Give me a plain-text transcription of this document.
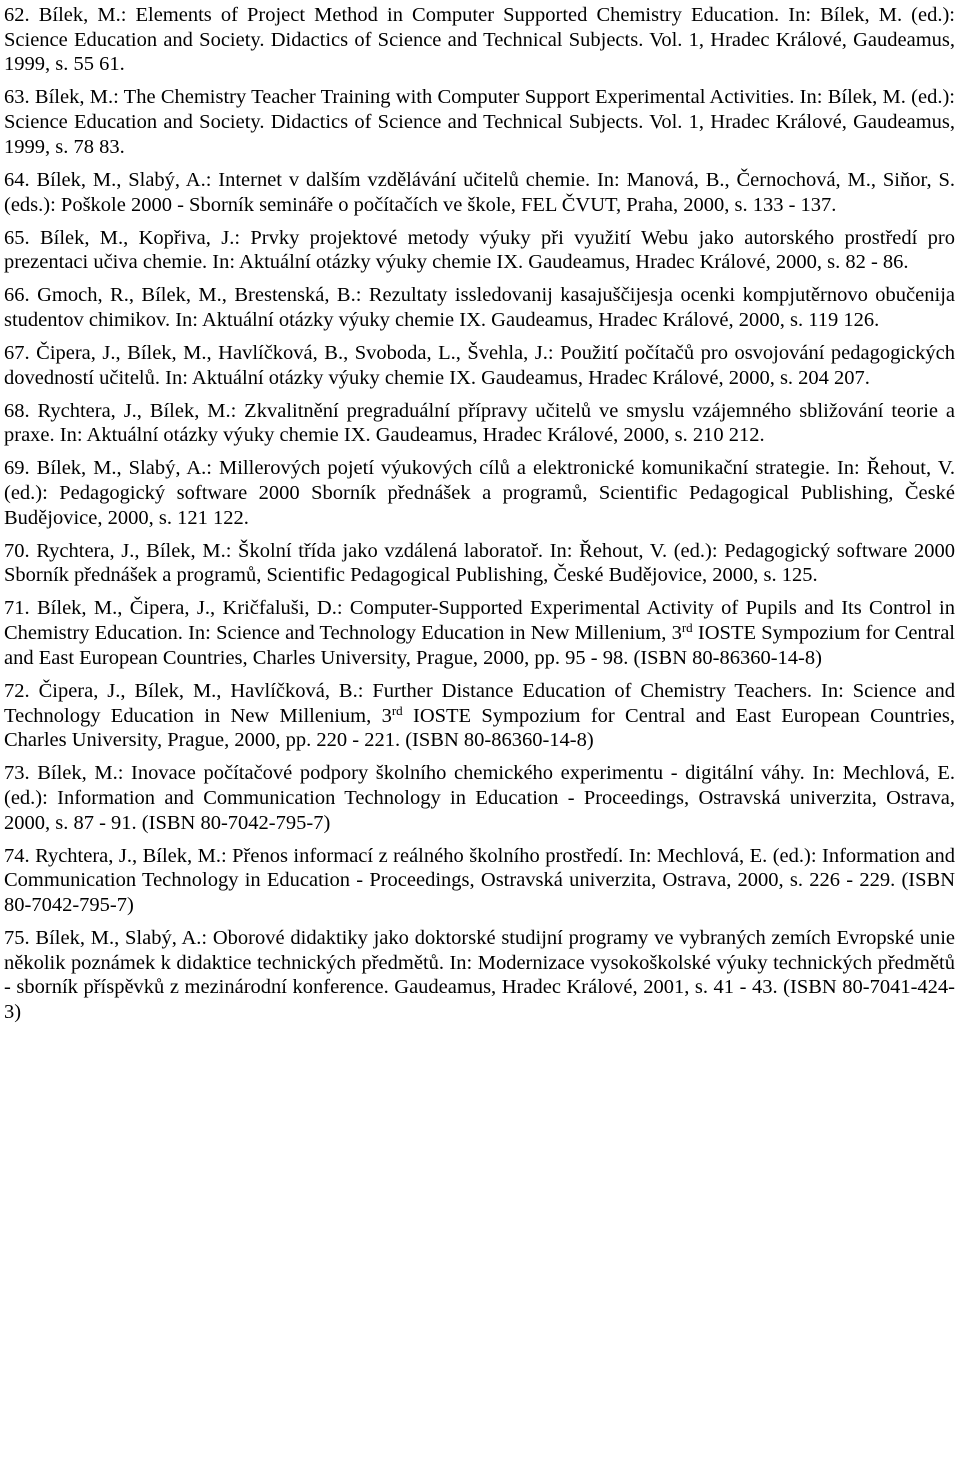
62. Bílek, M.: Elements of Project Method in Computer Supported Chemistry Education. In: Bílek, M. (ed.): Science Education and Society. Didactics of Science and Technical Subjects. Vol. 1, Hradec Králové, Gaudeamus, 1999, s. 55 61.

63. Bílek, M.: The Chemistry Teacher Training with Computer Support Experimental Activities. In: Bílek, M. (ed.): Science Education and Society. Didactics of Science and Technical Subjects. Vol. 1, Hradec Králové, Gaudeamus, 1999, s. 78 83.

64. Bílek, M., Slabý, A.: Internet v dalším vzdělávání učitelů chemie. In: Manová, B., Černochová, M., Siňor, S. (eds.): Poškole 2000 - Sborník semináře o počítačích ve škole, FEL ČVUT, Praha, 2000, s. 133 - 137.

65. Bílek, M., Kopřiva, J.: Prvky projektové metody výuky při využití Webu jako autorského prostředí pro prezentaci učiva chemie. In: Aktuální otázky výuky chemie IX. Gaudeamus, Hradec Králové, 2000, s. 82 - 86.

66. Gmoch, R., Bílek, M., Brestenská, B.: Rezultaty issledovanij kasajuščijesja ocenki kompjutěrnovo obučenija studentov chimikov. In: Aktuální otázky výuky chemie IX. Gaudeamus, Hradec Králové, 2000, s. 119 126.

67. Čipera, J., Bílek, M., Havlíčková, B., Svoboda, L., Švehla, J.: Použití počítačů pro osvojování pedagogických dovedností učitelů. In: Aktuální otázky výuky chemie IX. Gaudeamus, Hradec Králové, 2000, s. 204 207.

68. Rychtera, J., Bílek, M.: Zkvalitnění pregraduální přípravy učitelů ve smyslu vzájemného sbližování teorie a praxe. In: Aktuální otázky výuky chemie IX. Gaudeamus, Hradec Králové, 2000, s. 210 212.

69. Bílek, M., Slabý, A.: Millerových pojetí výukových cílů a elektronické komunikační strategie. In: Řehout, V. (ed.): Pedagogický software 2000 Sborník přednášek a programů, Scientific Pedagogical Publishing, České Budějovice, 2000, s. 121 122.

70. Rychtera, J., Bílek, M.: Školní třída jako vzdálená laboratoř. In: Řehout, V. (ed.): Pedagogický software 2000 Sborník přednášek a programů, Scientific Pedagogical Publishing, České Budějovice, 2000, s. 125.

71. Bílek, M., Čipera, J., Kričfaluši, D.: Computer-Supported Experimental Activity of Pupils and Its Control in Chemistry Education. In: Science and Technology Education in New Millenium, 3rd IOSTE Sympozium for Central and East European Countries, Charles University, Prague, 2000, pp. 95 - 98. (ISBN 80-86360-14-8)

72. Čipera, J., Bílek, M., Havlíčková, B.: Further Distance Education of Chemistry Teachers. In: Science and Technology Education in New Millenium, 3rd IOSTE Sympozium for Central and East European Countries, Charles University, Prague, 2000, pp. 220 - 221. (ISBN 80-86360-14-8)

73. Bílek, M.: Inovace počítačové podpory školního chemického experimentu - digitální váhy. In: Mechlová, E. (ed.): Information and Communication Technology in Education - Proceedings, Ostravská univerzita, Ostrava, 2000, s. 87 - 91. (ISBN 80-7042-795-7)

74. Rychtera, J., Bílek, M.: Přenos informací z reálného školního prostředí. In: Mechlová, E. (ed.): Information and Communication Technology in Education - Proceedings, Ostravská univerzita, Ostrava, 2000, s. 226 - 229. (ISBN 80-7042-795-7)

75. Bílek, M., Slabý, A.: Oborové didaktiky jako doktorské studijní programy ve vybraných zemích Evropské unie několik poznámek k didaktice technických předmětů. In: Modernizace vysokoškolské výuky technických předmětů - sborník příspěvků z mezinárodní konference. Gaudeamus, Hradec Králové, 2001, s. 41 - 43. (ISBN 80-7041-424-3)
